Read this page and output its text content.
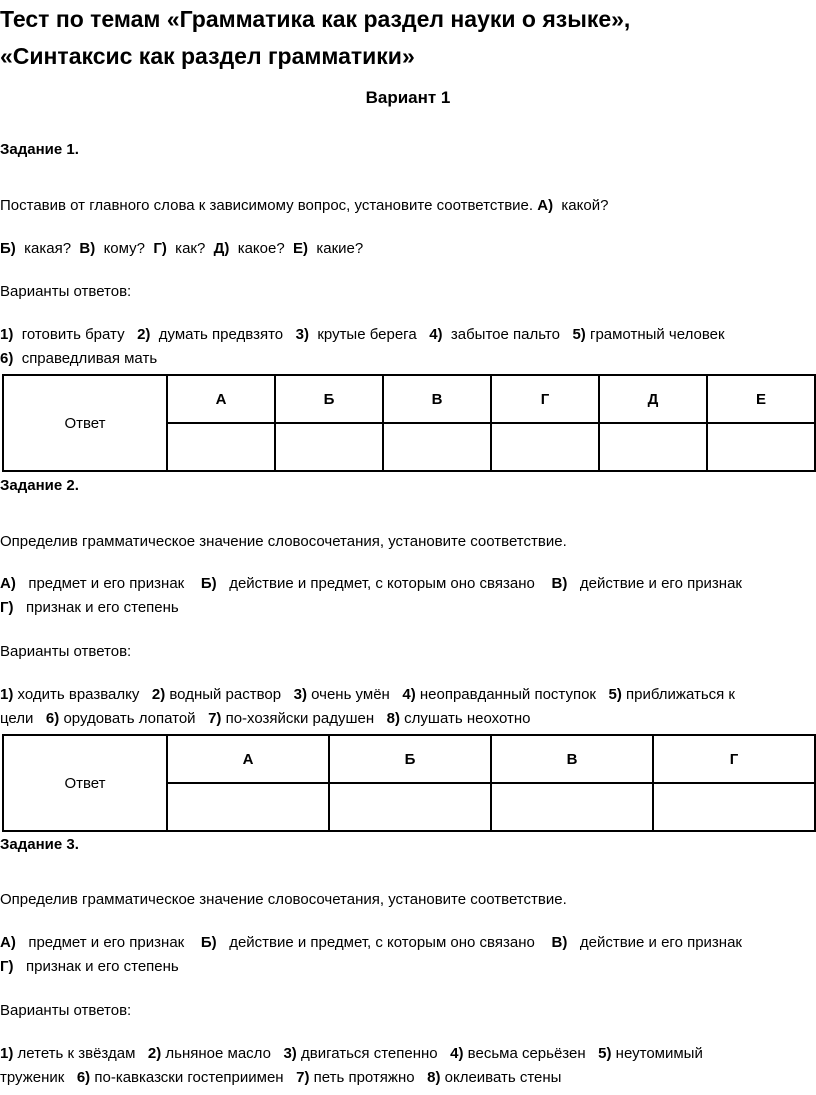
Тест по темам «Грамматика как раздел науки о языке»,
«Синтаксис как раздел грамматики»
Вариант 1
Задание 1.
Поставив от главного слова к зависимому вопрос, установите соответствие. А) какой?
Б) какая? В) кому? Г) как? Д) какое? Е) какие?
Варианты ответов:
1) готовить брату 2) думать предвзято 3) крутые берега 4) забытое пальто 5) грамотный человек
6) справедливая мать
Ответ	А	Б	В	Г	Д	Е

Задание 2.
Определив грамматическое значение словосочетания, установите соответствие.
А) предмет и его признак Б) действие и предмет, с которым оно связано В) действие и его признак
Г) признак и его степень
Варианты ответов:
1) ходить вразвалку 2) водный раствор 3) очень умён 4) неоправданный поступок 5) приближаться к
цели 6) орудовать лопатой 7) по-хозяйски радушен 8) слушать неохотно
Ответ	А	Б	В	Г

Задание 3.
Определив грамматическое значение словосочетания, установите соответствие.
А) предмет и его признак Б) действие и предмет, с которым оно связано В) действие и его признак
Г) признак и его степень
Варианты ответов:
1) лететь к звёздам 2) льняное масло 3) двигаться степенно 4) весьма серьёзен 5) неутомимый
труженик 6) по-кавказски гостеприимен 7) петь протяжно 8) оклеивать стены
